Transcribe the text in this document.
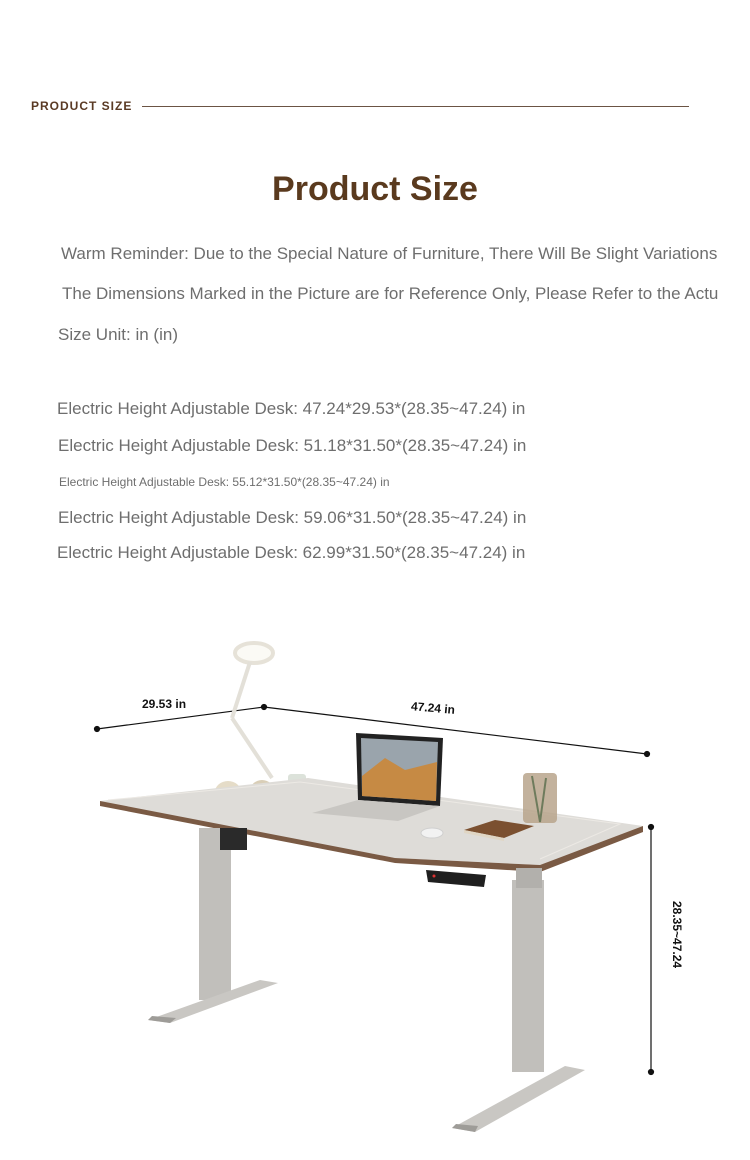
PRODUCT SIZE
Product Size
Warm Reminder: Due to the Special Nature of Furniture, There Will Be Slight Variations
The Dimensions Marked in the Picture are for Reference Only, Please Refer to the Actu
Size Unit: in (in)
Electric Height Adjustable Desk: 47.24*29.53*(28.35~47.24) in
Electric Height Adjustable Desk: 51.18*31.50*(28.35~47.24) in
Electric Height Adjustable Desk: 55.12*31.50*(28.35~47.24) in
Electric Height Adjustable Desk: 59.06*31.50*(28.35~47.24) in
Electric Height Adjustable Desk: 62.99*31.50*(28.35~47.24) in
29.53 in	47.24 in
28.35~47.24
